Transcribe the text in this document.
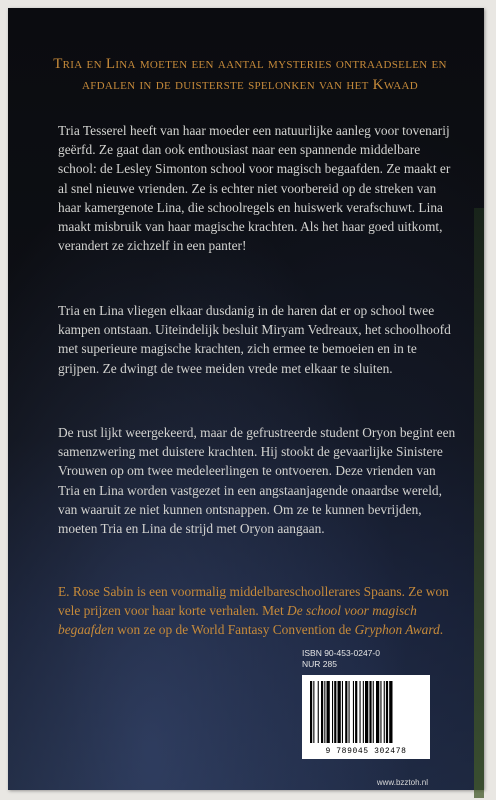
Tria en Lina moeten een aantal mysteries ontraadselen en afdalen in de duisterste spelonken van het Kwaad

Tria Tesserel heeft van haar moeder een natuurlijke aanleg voor tovenarij geërfd. Ze gaat dan ook enthousiast naar een spannende middelbare school: de Lesley Simonton school voor magisch begaafden. Ze maakt er al snel nieuwe vrienden. Ze is echter niet voorbereid op de streken van haar kamergenote Lina, die schoolregels en huiswerk verafschuwt. Lina maakt misbruik van haar magische krachten. Als het haar goed uitkomt, verandert ze zichzelf in een panter!

Tria en Lina vliegen elkaar dusdanig in de haren dat er op school twee kampen ontstaan. Uiteindelijk besluit Miryam Vedreaux, het schoolhoofd met superieure magische krachten, zich ermee te bemoeien en in te grijpen. Ze dwingt de twee meiden vrede met elkaar te sluiten.

De rust lijkt weergekeerd, maar de gefrustreerde student Oryon begint een samenzwering met duistere krachten. Hij stookt de gevaarlijke Sinistere Vrouwen op om twee medeleerlingen te ontvoeren. Deze vrienden van Tria en Lina worden vastgezet in een angstaanjagende onaardse wereld, van waaruit ze niet kunnen ontsnappen. Om ze te kunnen bevrijden, moeten Tria en Lina de strijd met Oryon aangaan.

E. Rose Sabin is een voormalig middelbareschoollerares Spaans. Ze won vele prijzen voor haar korte verhalen. Met De school voor magisch begaafden won ze op de World Fantasy Convention de Gryphon Award.

ISBN 90-453-0247-0
NUR 285
9 789045 302478
www.bzztoh.nl
